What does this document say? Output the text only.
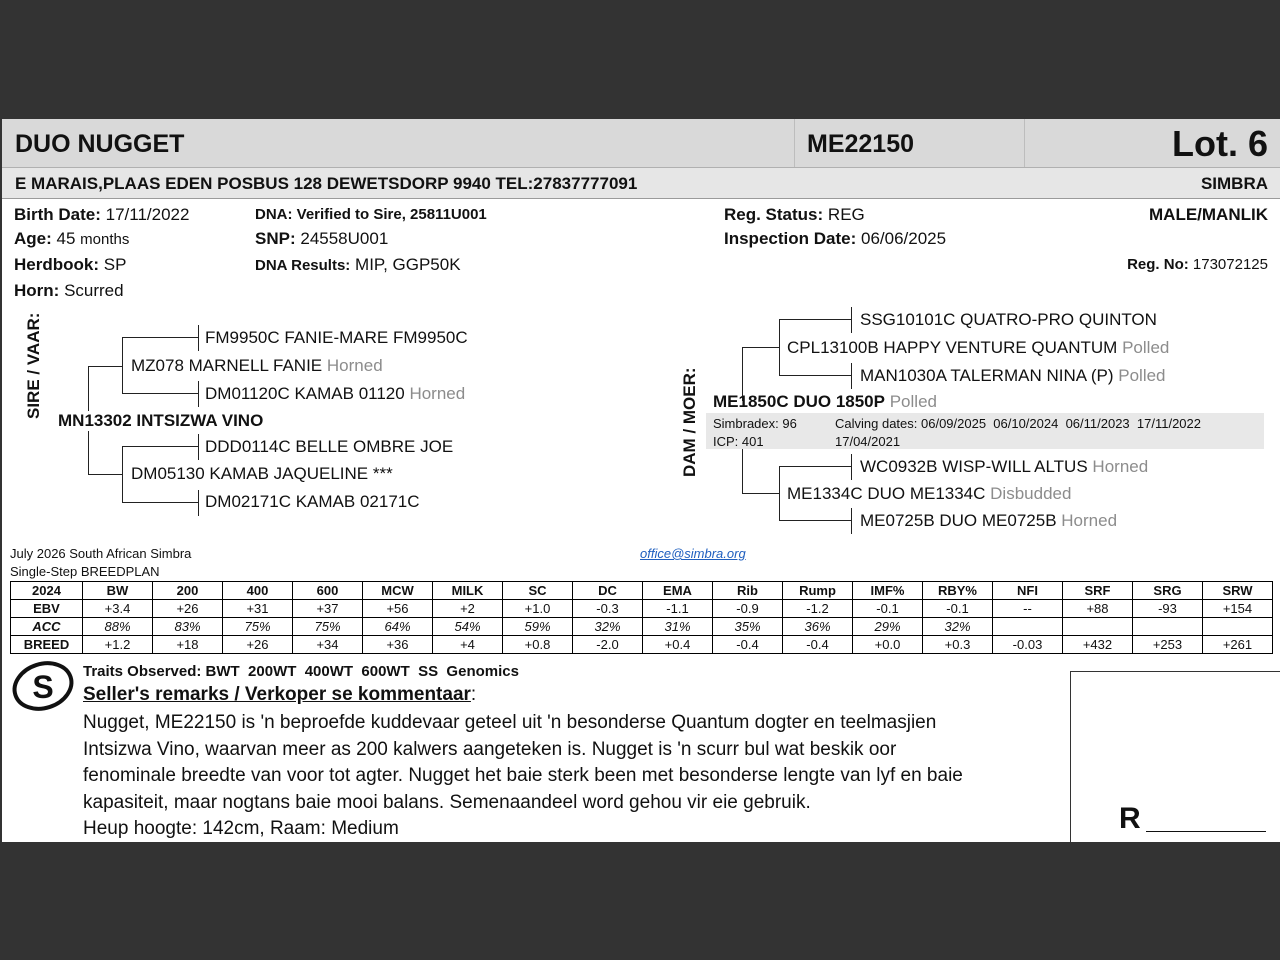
DUO NUGGET	ME22150	Lot. 6
E MARAIS,PLAAS EDEN POSBUS 128 DEWETSDORP 9940 TEL:27837777091	SIMBRA
Birth Date: 17/11/2022
Age: 45 months
Herdbook: SP
Horn: Scurred
DNA: Verified to Sire, 25811U001
SNP: 24558U001
DNA Results: MIP, GGP50K
Reg. Status: REG
Inspection Date: 06/06/2025
MALE/MANLIK
Reg. No: 173072125
SIRE / VAAR:	FM9950C FANIE-MARE FM9950C
MZ078 MARNELL FANIE Horned
DM01120C KAMAB 01120 Horned
MN13302 INTSIZWA VINO
DDD0114C BELLE OMBRE JOE
DM05130 KAMAB JAQUELINE ***
DM02171C KAMAB 02171C
DAM / MOER:
SSG10101C QUATRO-PRO QUINTON
CPL13100B HAPPY VENTURE QUANTUM Polled
MAN1030A TALERMAN NINA (P) Polled
ME1850C DUO 1850P Polled
Simbradex: 96
ICP: 401
Calving dates: 06/09/2025  06/10/2024  06/11/2023  17/11/2022
17/04/2021
WC0932B WISP-WILL ALTUS Horned
ME1334C DUO ME1334C Disbudded
ME0725B DUO ME0725B Horned
July 2026 South African Simbra
Single-Step BREEDPLAN
office@simbra.org
2024	BW	200	400	600	MCW	MILK	SC	DC	EMA	Rib	Rump	IMF%	RBY%	NFI	SRF	SRG	SRW
EBV	+3.4	+26	+31	+37	+56	+2	+1.0	-0.3	-1.1	-0.9	-1.2	-0.1	-0.1	--	+88	-93	+154
ACC	88%	83%	75%	75%	64%	54%	59%	32%	31%	35%	36%	29%	32%				
BREED	+1.2	+18	+26	+34	+36	+4	+0.8	-2.0	+0.4	-0.4	-0.4	+0.0	+0.3	-0.03	+432	+253	+261
S Traits Observed: BWT  200WT  400WT  600WT  SS  Genomics
Seller's remarks / Verkoper se kommentaar:
Nugget, ME22150 is 'n beproefde kuddevaar geteel uit 'n besonderse Quantum dogter en teelmasjien
Intsizwa Vino, waarvan meer as 200 kalwers aangeteken is. Nugget is 'n scurr bul wat beskik oor
fenominale breedte van voor tot agter. Nugget het baie sterk been met besonderse lengte van lyf en baie
kapasiteit, maar nogtans baie mooi balans. Semenaandeel word gehou vir eie gebruik.
Heup hoogte: 142cm, Raam: Medium	R
